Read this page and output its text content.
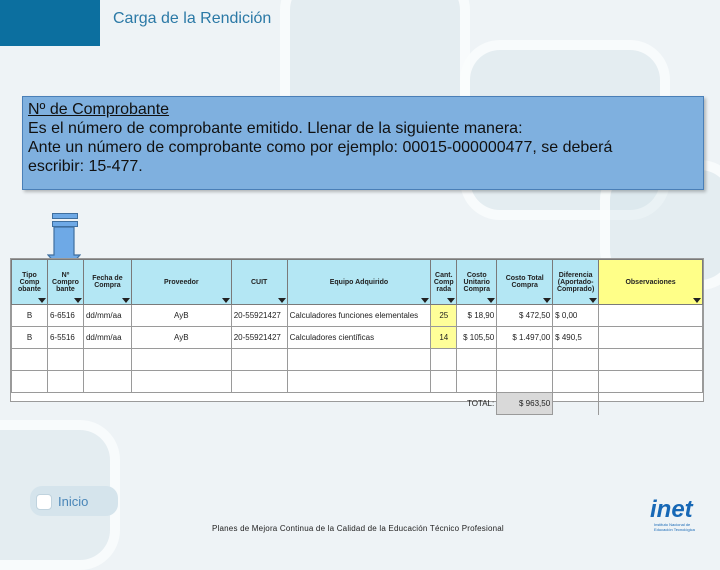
Carga de la Rendición

Nº de Comprobante

Es el número de comprobante emitido. Llenar de la siguiente manera:

Ante un número de comprobante como por ejemplo: 00015-000000477, se deberá

escribir: 15-477.

Tipo Comp obante	Nº Compro bante	Fecha de Compra	Proveedor	CUIT	Equipo Adquirido	Cant. Comp rada	Costo Unitario Compra	Costo Total Compra	Diferencia (Aportado- Comprado)	Observaciones

B	6-6516	dd/mm/aa	AyB	20-55921427	Calculadores funciones elementales	25	$ 18,90	$ 472,50	$ 0,00	
B	6-5516	dd/mm/aa	AyB	20-55921427	Calculadores científicas	14	$ 105,50	$ 1.497,00	$ 490,5	

TOTAL:								$ 963,50		
Inicio
Planes de Mejora Continua de la Calidad de la Educación Técnico Profesional
inet
Instituto Nacional de Educación Tecnológica
